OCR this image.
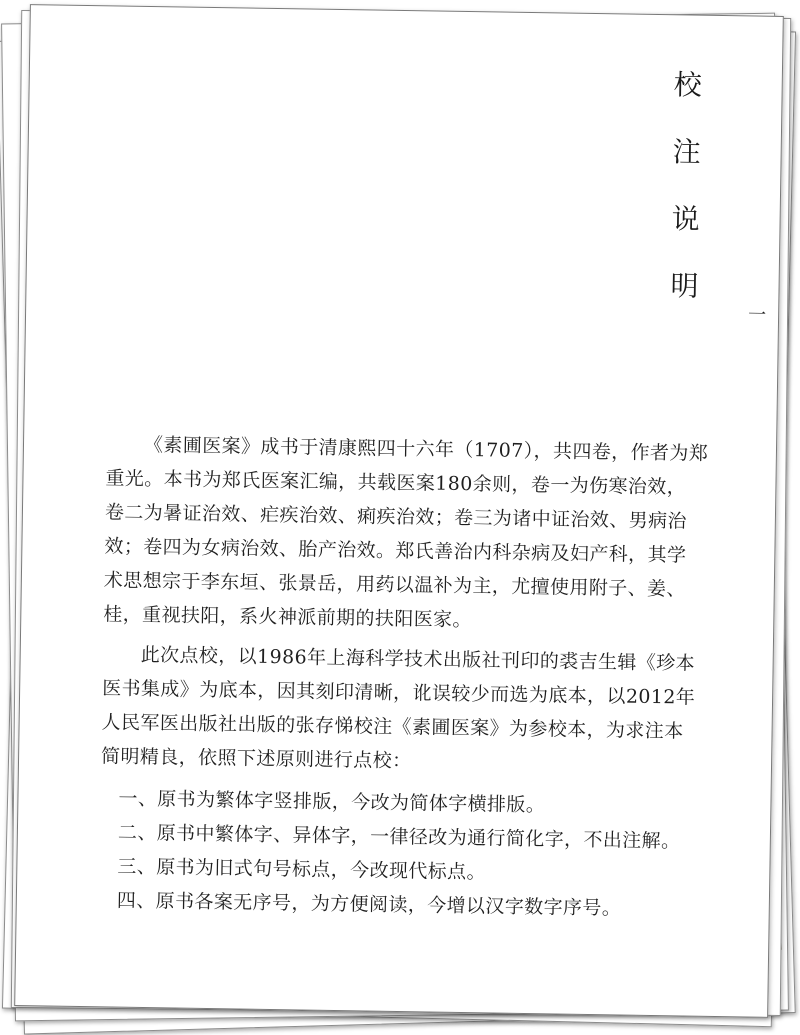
校
注
说
明
一
《素圃医案》成书于清康熙四十六年（1707），共四卷，作者为郑
重光。本书为郑氏医案汇编，共载医案180余则，卷一为伤寒治效，
卷二为暑证治效、疟疾治效、痢疾治效；卷三为诸中证治效、男病治
效；卷四为女病治效、胎产治效。郑氏善治内科杂病及妇产科，其学
术思想宗于李东垣、张景岳，用药以温补为主，尤擅使用附子、姜、
桂，重视扶阳，系火神派前期的扶阳医家。
此次点校，以1986年上海科学技术出版社刊印的裘吉生辑《珍本
医书集成》为底本，因其刻印清晰，讹误较少而选为底本，以2012年
人民军医出版社出版的张存悌校注《素圃医案》为参校本，为求注本
简明精良，依照下述原则进行点校：
一、原书为繁体字竖排版，今改为简体字横排版。
二、原书中繁体字、异体字，一律径改为通行简化字，不出注解。
三、原书为旧式句号标点，今改现代标点。
四、原书各案无序号，为方便阅读，今增以汉字数字序号。
